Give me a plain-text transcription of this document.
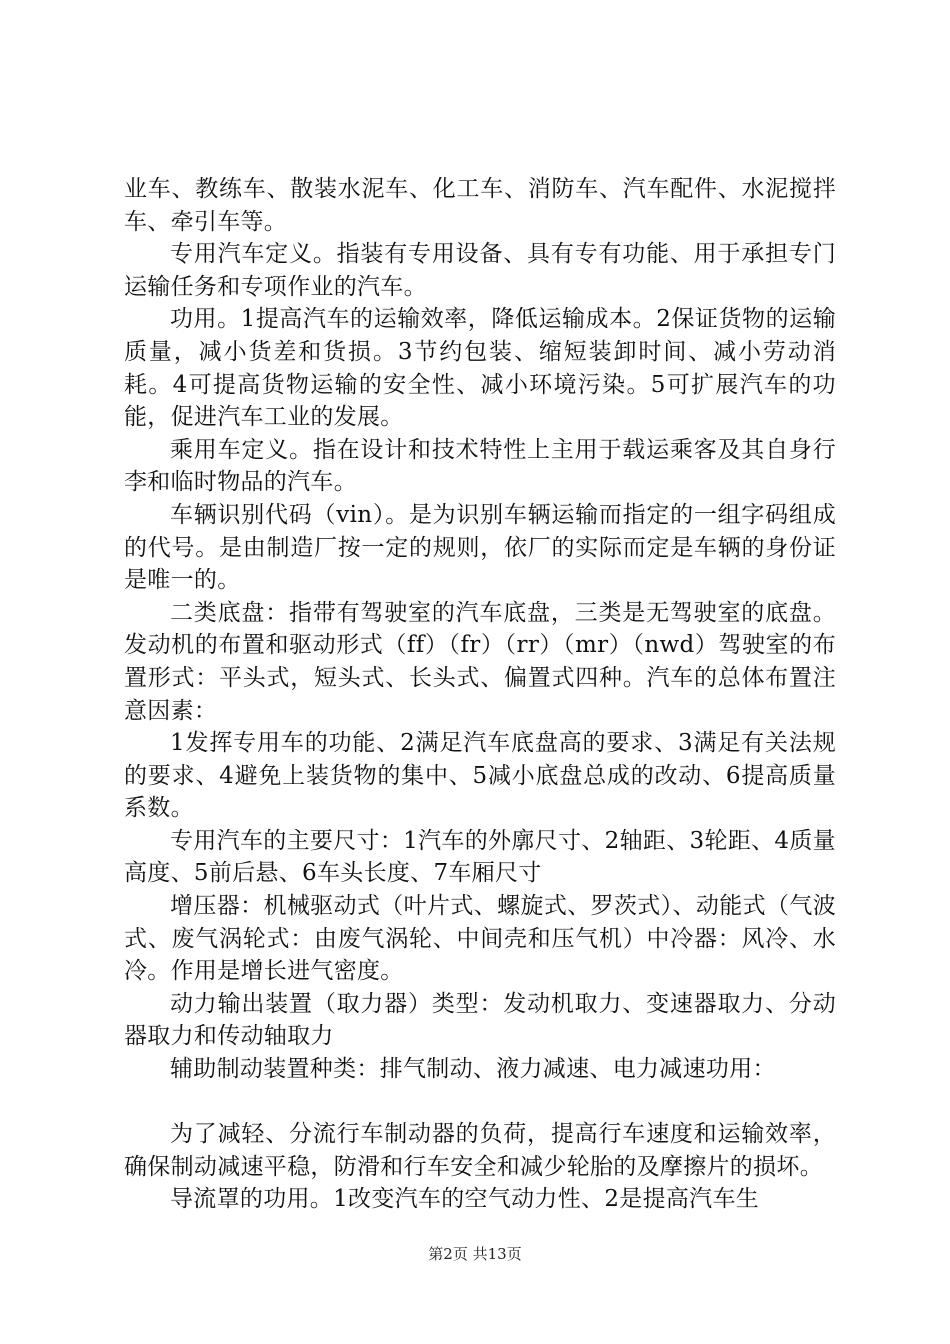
业车、教练车、散装水泥车、化工车、消防车、汽车配件、水泥搅拌车、牵引车等。

专用汽车定义。指装有专用设备、具有专有功能、用于承担专门运输任务和专项作业的汽车。

功用。1提高汽车的运输效率，降低运输成本。2保证货物的运输质量，减小货差和货损。3节约包装、缩短装卸时间、减小劳动消耗。4可提高货物运输的安全性、减小环境污染。5可扩展汽车的功能，促进汽车工业的发展。

乘用车定义。指在设计和技术特性上主用于载运乘客及其自身行李和临时物品的汽车。

车辆识别代码（vin）。是为识别车辆运输而指定的一组字码组成的代号。是由制造厂按一定的规则，依厂的实际而定是车辆的身份证是唯一的。

二类底盘：指带有驾驶室的汽车底盘，三类是无驾驶室的底盘。发动机的布置和驱动形式（ff）（fr）（rr）（mr）（nwd）驾驶室的布置形式：平头式，短头式、长头式、偏置式四种。汽车的总体布置注意因素：

1发挥专用车的功能、2满足汽车底盘高的要求、3满足有关法规的要求、4避免上装货物的集中、5减小底盘总成的改动、6提高质量系数。

专用汽车的主要尺寸：1汽车的外廓尺寸、2轴距、3轮距、4质量高度、5前后悬、6车头长度、7车厢尺寸

增压器：机械驱动式（叶片式、螺旋式、罗茨式）、动能式（气波式、废气涡轮式：由废气涡轮、中间壳和压气机）中冷器：风冷、水冷。作用是增长进气密度。

动力输出装置（取力器）类型：发动机取力、变速器取力、分动器取力和传动轴取力

辅助制动装置种类：排气制动、液力减速、电力减速功用：

为了减轻、分流行车制动器的负荷，提高行车速度和运输效率，确保制动减速平稳，防滑和行车安全和减少轮胎的及摩擦片的损坏。

导流罩的功用。1改变汽车的空气动力性、2是提高汽车生

第2页 共13页
